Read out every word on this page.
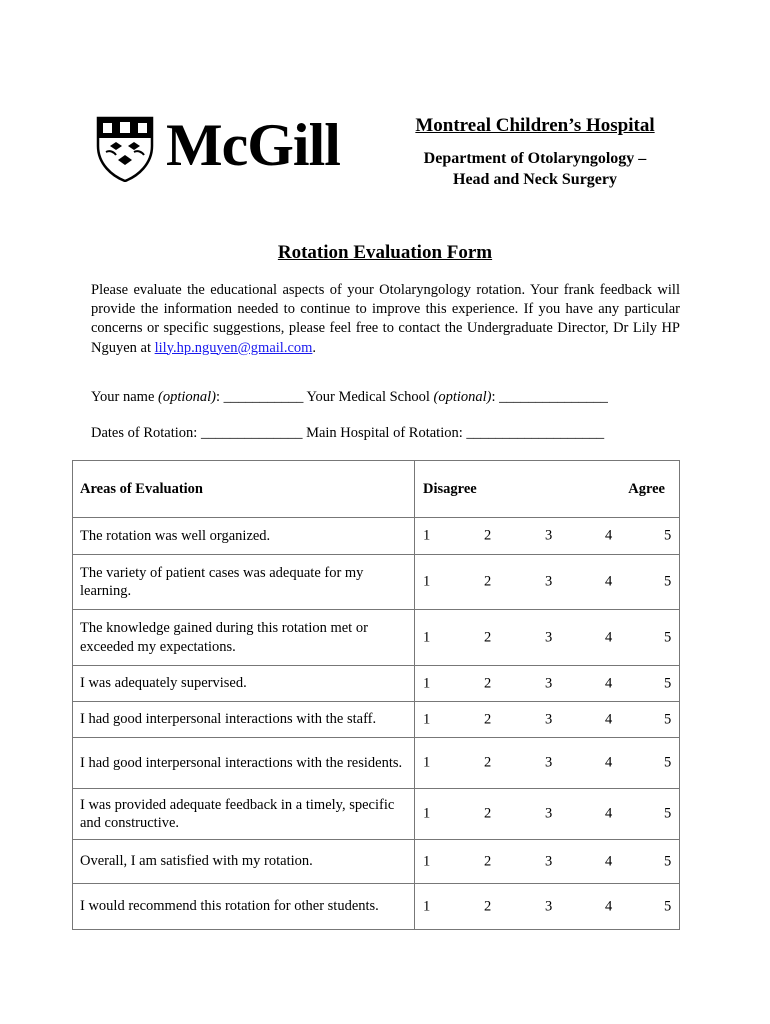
McGill	Montreal Children’s Hospital
Department of Otolaryngology –
Head and Neck Surgery
Rotation Evaluation Form
Please evaluate the educational aspects of your Otolaryngology rotation. Your frank feedback will provide the information needed to continue to improve this experience. If you have any particular concerns or specific suggestions, please feel free to contact the Undergraduate Director, Dr Lily HP Nguyen at lily.hp.nguyen@gmail.com.
Your name (optional): ___________ Your Medical School (optional): _______________
Dates of Rotation: ______________ Main Hospital of Rotation: ___________________
Areas of Evaluation	Disagree Agree

The rotation was well organized.	1 2 3 4 5

The variety of patient cases was adequate for my learning.	1 2 3 4 5

The knowledge gained during this rotation met or exceeded my expectations.	1 2 3 4 5

I was adequately supervised.	1 2 3 4 5

I had good interpersonal interactions with the staff.	1 2 3 4 5

I had good interpersonal interactions with the residents.	1 2 3 4 5

I was provided adequate feedback in a timely, specific and constructive.	1 2 3 4 5

Overall, I am satisfied with my rotation.	1 2 3 4 5

I would recommend this rotation for other students.	1 2 3 4 5
